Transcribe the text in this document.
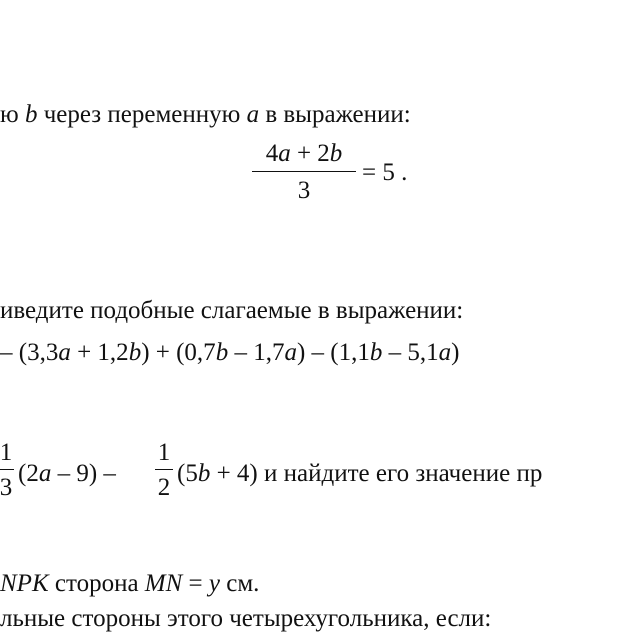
ю b через переменную a в выражении:
4a + 2b
3
= 5 .
иведите подобные слагаемые в выражении:
– (3,3a + 1,2b) + (0,7b – 1,7a) – (1,1b – 5,1a)
1
3
(2a – 9) –
1
2
(5b + 4) и найдите его значение пр
NPK сторона MN = y см.
льные стороны этого четырехугольника, если:
